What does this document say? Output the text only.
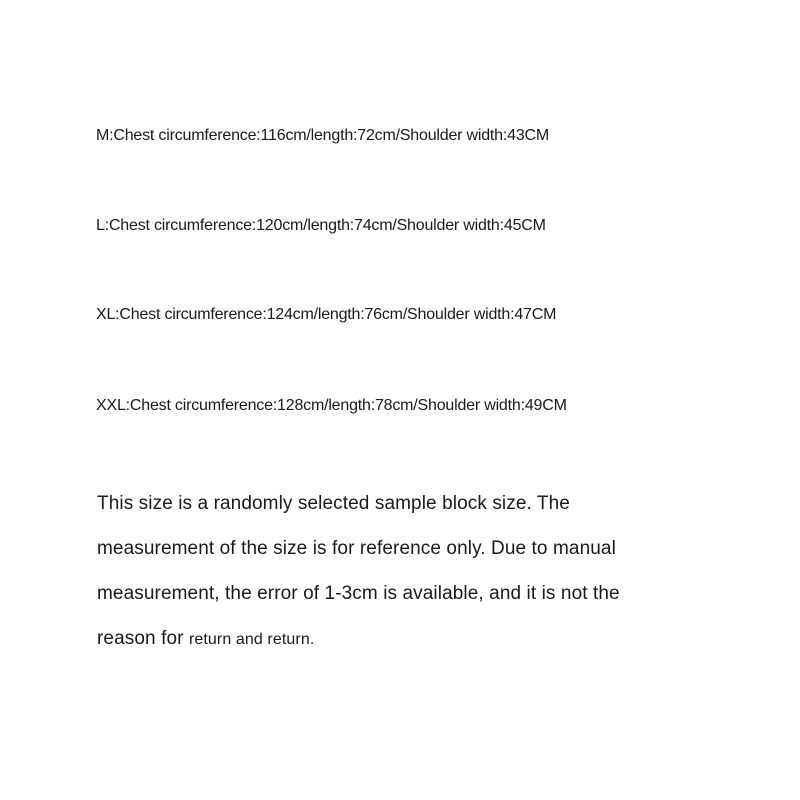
M:Chest circumference:116cm/length:72cm/Shoulder width:43CM
L:Chest circumference:120cm/length:74cm/Shoulder width:45CM
XL:Chest circumference:124cm/length:76cm/Shoulder width:47CM
XXL:Chest circumference:128cm/length:78cm/Shoulder width:49CM
This size is a randomly selected sample block size. The
measurement of the size is for reference only. Due to manual
measurement, the error of 1-3cm is available, and it is not the
reason for return and return.
